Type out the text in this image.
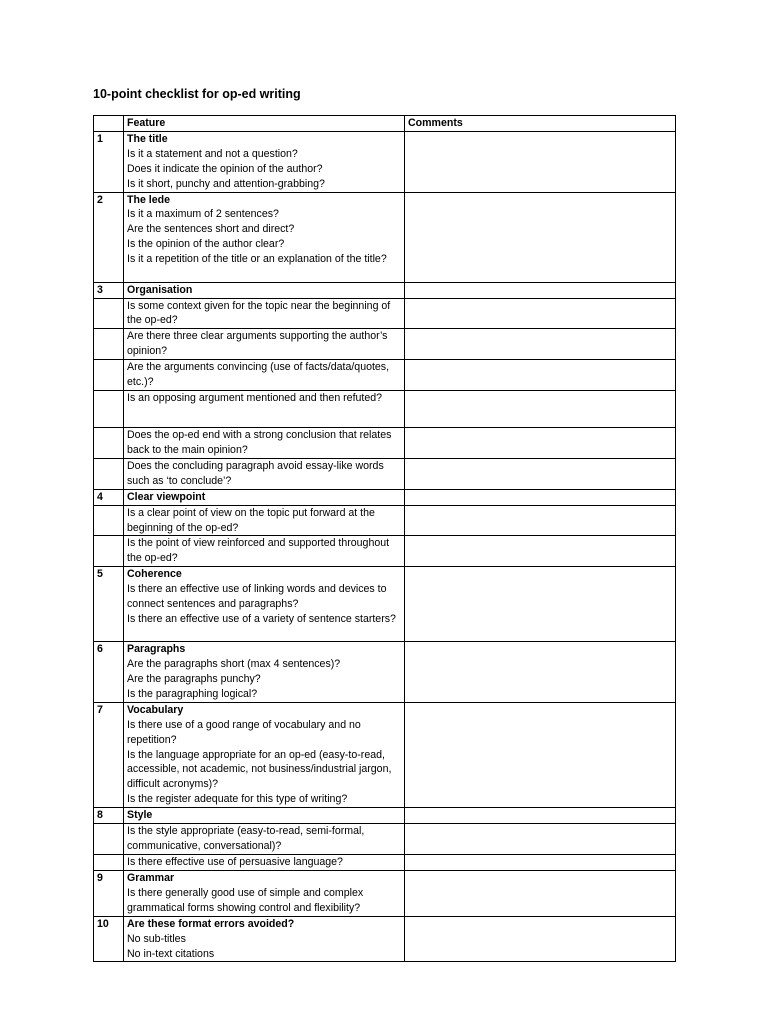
10-point checklist for op-ed writing
	Feature	Comments
1	The title
Is it a statement and not a question?
Does it indicate the opinion of the author?
Is it short, punchy and attention-grabbing?	

2	The lede
Is it a maximum of 2 sentences?
Are the sentences short and direct?
Is the opinion of the author clear?
Is it a repetition of the title or an explanation of the title?	

3	Organisation	

	Is some context given for the topic near the beginning of the op-ed?	

	Are there three clear arguments supporting the author’s opinion?	

	Are the arguments convincing (use of facts/data/quotes, etc.)?	

	Is an opposing argument mentioned and then refuted?	

	Does the op-ed end with a strong conclusion that relates back to the main opinion?	

	Does the concluding paragraph avoid essay-like words such as ‘to conclude’?	

4	Clear viewpoint	

	Is a clear point of view on the topic put forward at the beginning of the op-ed?	

	Is the point of view reinforced and supported throughout the op-ed?	

5	Coherence
Is there an effective use of linking words and devices to connect sentences and paragraphs?
Is there an effective use of a variety of sentence starters?	

6	Paragraphs
Are the paragraphs short (max 4 sentences)?
Are the paragraphs punchy?
Is the paragraphing logical?	

7	Vocabulary
Is there use of a good range of vocabulary and no repetition?
Is the language appropriate for an op-ed (easy-to-read, accessible, not academic, not business/industrial jargon, difficult acronyms)?
Is the register adequate for this type of writing?	

8	Style	

	Is the style appropriate (easy-to-read, semi-formal, communicative, conversational)?	

	Is there effective use of persuasive language?	

9	Grammar
Is there generally good use of simple and complex grammatical forms showing control and flexibility?	

10	Are these format errors avoided?
No sub-titles
No in-text citations	
